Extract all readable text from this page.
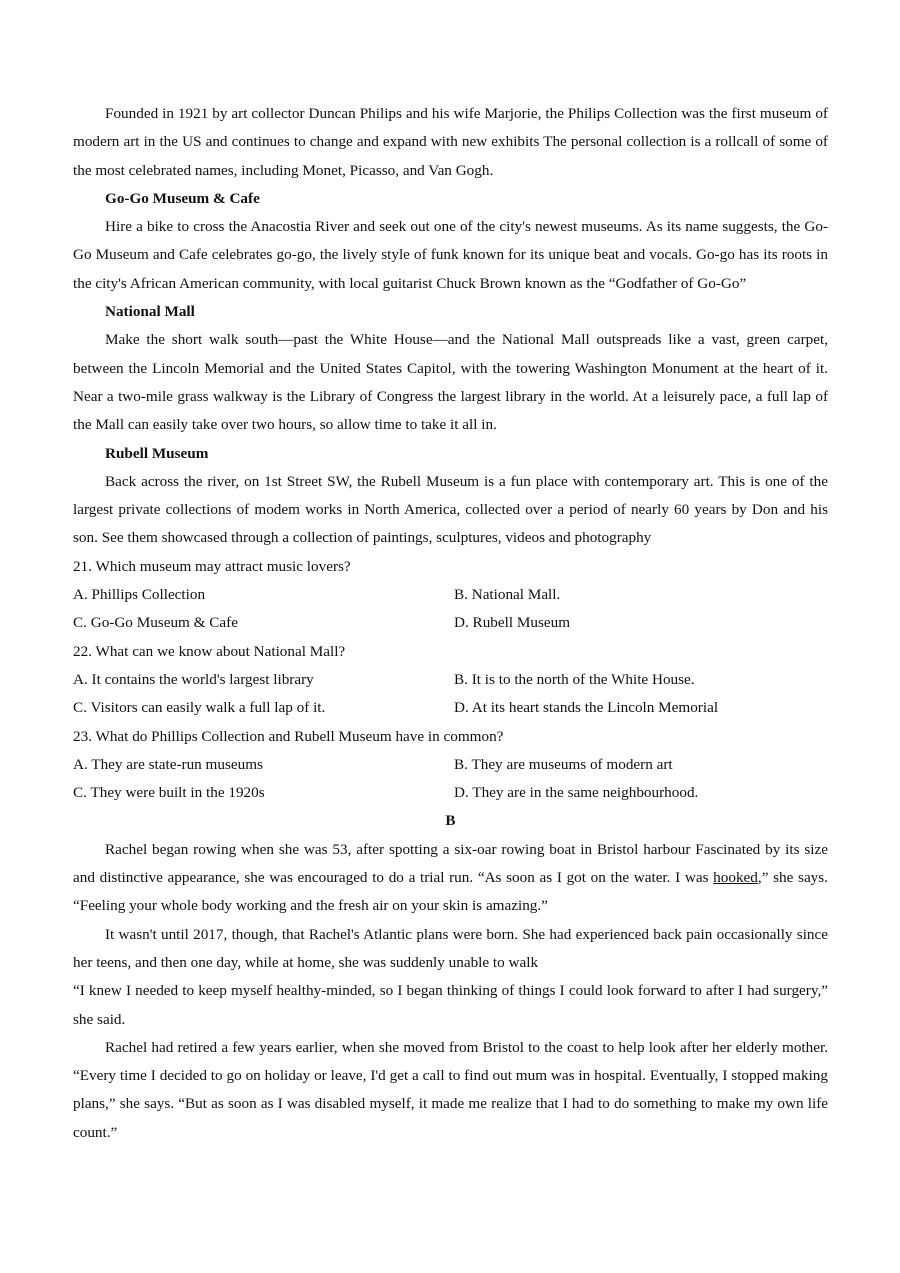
Founded in 1921 by art collector Duncan Philips and his wife Marjorie, the Philips Collection was the first museum of modern art in the US and continues to change and expand with new exhibits The personal collection is a rollcall of some of the most celebrated names, including Monet, Picasso, and Van Gogh.

Go-Go Museum & Cafe

Hire a bike to cross the Anacostia River and seek out one of the city's newest museums. As its name suggests, the Go-Go Museum and Cafe celebrates go-go, the lively style of funk known for its unique beat and vocals. Go-go has its roots in the city's African American community, with local guitarist Chuck Brown known as the “Godfather of Go-Go”

National Mall

Make the short walk south—past the White House—and the National Mall outspreads like a vast, green carpet, between the Lincoln Memorial and the United States Capitol, with the towering Washington Monument at the heart of it. Near a two-mile grass walkway is the Library of Congress the largest library in the world. At a leisurely pace, a full lap of the Mall can easily take over two hours, so allow time to take it all in.

Rubell Museum

Back across the river, on 1st Street SW, the Rubell Museum is a fun place with contemporary art. This is one of the largest private collections of modem works in North America, collected over a period of nearly 60 years by Don and his son. See them showcased through a collection of paintings, sculptures, videos and photography

21. Which museum may attract music lovers?
A. Phillips Collection	B. National Mall.
C. Go-Go Museum & Cafe	D. Rubell Museum
22. What can we know about National Mall?
A. It contains the world's largest library	B. It is to the north of the White House.
C. Visitors can easily walk a full lap of it.	D. At its heart stands the Lincoln Memorial
23. What do Phillips Collection and Rubell Museum have in common?
A. They are state-run museums	B. They are museums of modern art
C. They were built in the 1920s	D. They are in the same neighbourhood.
B

Rachel began rowing when she was 53, after spotting a six-oar rowing boat in Bristol harbour Fascinated by its size and distinctive appearance, she was encouraged to do a trial run. “As soon as I got on the water. I was hooked,” she says. “Feeling your whole body working and the fresh air on your skin is amazing.”

It wasn't until 2017, though, that Rachel's Atlantic plans were born. She had experienced back pain occasionally since her teens, and then one day, while at home, she was suddenly unable to walk

“I knew I needed to keep myself healthy-minded, so I began thinking of things I could look forward to after I had surgery,” she said.

Rachel had retired a few years earlier, when she moved from Bristol to the coast to help look after her elderly mother. “Every time I decided to go on holiday or leave, I'd get a call to find out mum was in hospital. Eventually, I stopped making plans,” she says. “But as soon as I was disabled myself, it made me realize that I had to do something to make my own life count.”
